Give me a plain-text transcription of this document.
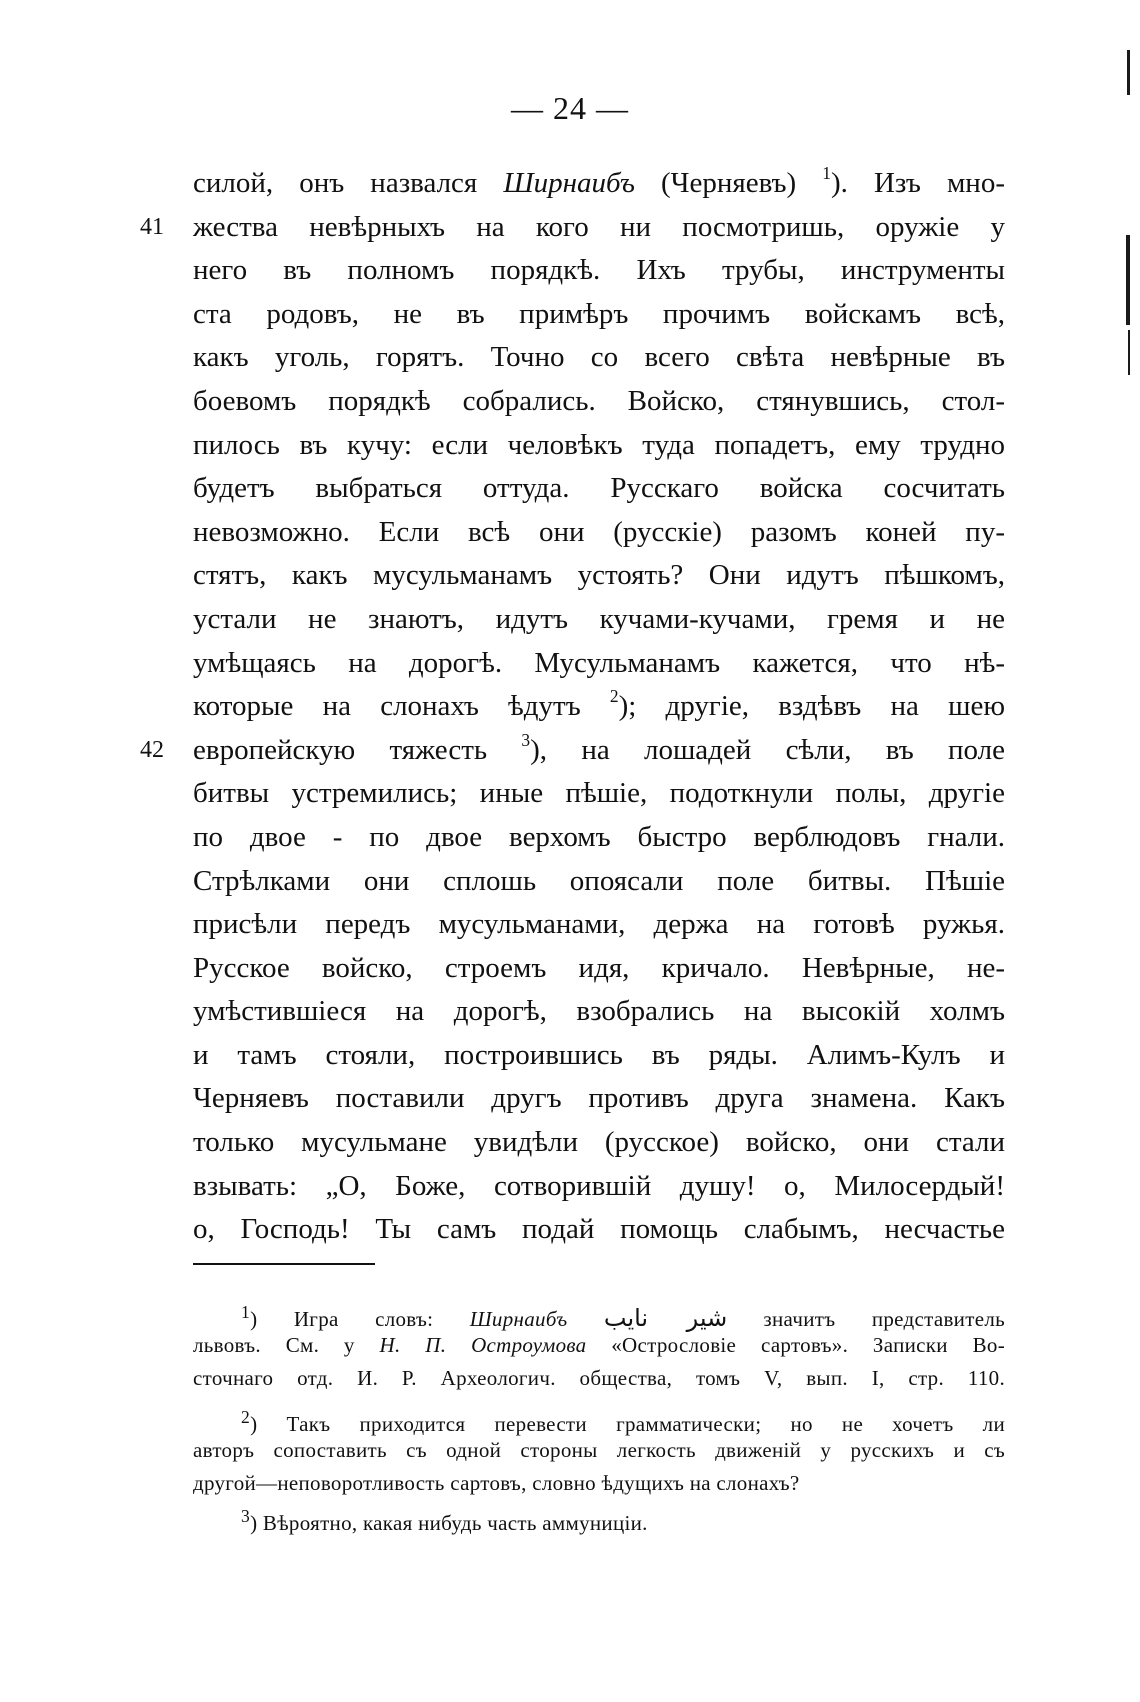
— 24 —
41
42
силой, онъ назвался Ширнаибъ (Черняевъ) $^1$). Изъ мно-
жества невѣрныхъ на кого ни посмотришь, оружіе у
него въ полномъ порядкѣ. Ихъ трубы, инструменты
ста родовъ, не въ примѣръ прочимъ войскамъ всѣ,
какъ уголь, горятъ. Точно со всего свѣта невѣрные въ
боевомъ порядкѣ собрались. Войско, стянувшись, стол-
пилось въ кучу: если человѣкъ туда попадетъ, ему трудно
будетъ выбраться оттуда. Русскаго войска сосчитать
невозможно. Если всѣ они (русскіе) разомъ коней пу-
стятъ, какъ мусульманамъ устоять? Они идутъ пѣшкомъ,
устали не знаютъ, идутъ кучами-кучами, гремя и не
умѣщаясь на дорогѣ. Мусульманамъ кажется, что нѣ-
которые на слонахъ ѣдутъ $^2$); другіе, вздѣвъ на шею
европейскую тяжесть $^3$), на лошадей сѣли, въ поле
битвы устремились; иные пѣшіе, подоткнули полы, другіе
по двое - по двое верхомъ быстро верблюдовъ гнали.
Стрѣлками они сплошь опоясали поле битвы. Пѣшіе
присѣли передъ мусульманами, держа на готовѣ ружья.
Русское войско, строемъ идя, кричало. Невѣрные, не-
умѣстившіеся на дорогѣ, взобрались на высокій холмъ
и тамъ стояли, построившись въ ряды. Алимъ-Кулъ и
Черняевъ поставили другъ противъ друга знамена. Какъ
только мусульмане увидѣли (русское) войско, они стали
взывать: „О, Боже, сотворившій душу! о, Милосердый!
о, Господь! Ты самъ подай помощь слабымъ, несчастье
$^1$) Игра словъ: Ширнаибъ شير نايب значитъ представитель
львовъ. См. у Н. П. Остроумова «Острословіе сартовъ». Записки Во-
сточнаго отд. И. Р. Археологич. общества, томъ V, вып. I, стр. 110.
$^2$) Такъ приходится перевести грамматически; но не хочетъ ли
авторъ сопоставить съ одной стороны легкость движеній у русскихъ и съ
другой—неповоротливость сартовъ, словно ѣдущихъ на слонахъ?
$^3$) Вѣроятно, какая нибудь часть аммуниціи.
